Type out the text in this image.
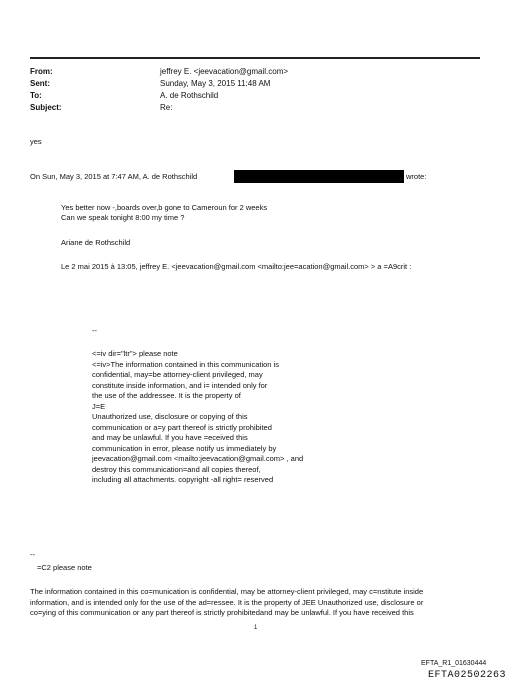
From:	jeffrey E. <jeevacation@gmail.com>
Sent:	Sunday, May 3, 2015 11:48 AM
To:	A. de Rothschild
Subject:	Re:
yes
On Sun, May 3, 2015 at 7:47 AM, A. de Rothschild	wrote:
Yes better now -,boards over,b gone to Cameroun for 2 weeks
Can we speak tonight 8:00 my time ?
Ariane de Rothschild
Le 2 mai 2015 à 13:05, jeffrey E. <jeevacation@gmail.com <mailto:jee=acation@gmail.com> > a =A9crit :
--
<=iv dir="ltr"> please note
<=iv>The information contained in this communication is
confidential, may=be attorney-client privileged, may
constitute inside information, and i= intended only for
the use of the addressee. It is the property of
J=E
Unauthorized use, disclosure or copying of this
communication or a=y part thereof is strictly prohibited
and may be unlawful. If you have =eceived this
communication in error, please notify us immediately by
jeevacation@gmail.com <mailto:jeevacation@gmail.com> , and
destroy this communication=and all copies thereof,
including all attachments. copyright -all right= reserved
--
=C2 please note
The information contained in this co=munication is confidential, may be attorney-client privileged, may c=nstitute inside
information, and is intended only for the use of the ad=ressee. It is the property of JEE Unauthorized use, disclosure or
co=ying of this communication or any part thereof is strictly prohibitedand may be unlawful. If you have received this
1
EFTA_R1_01630444
EFTA02502263
